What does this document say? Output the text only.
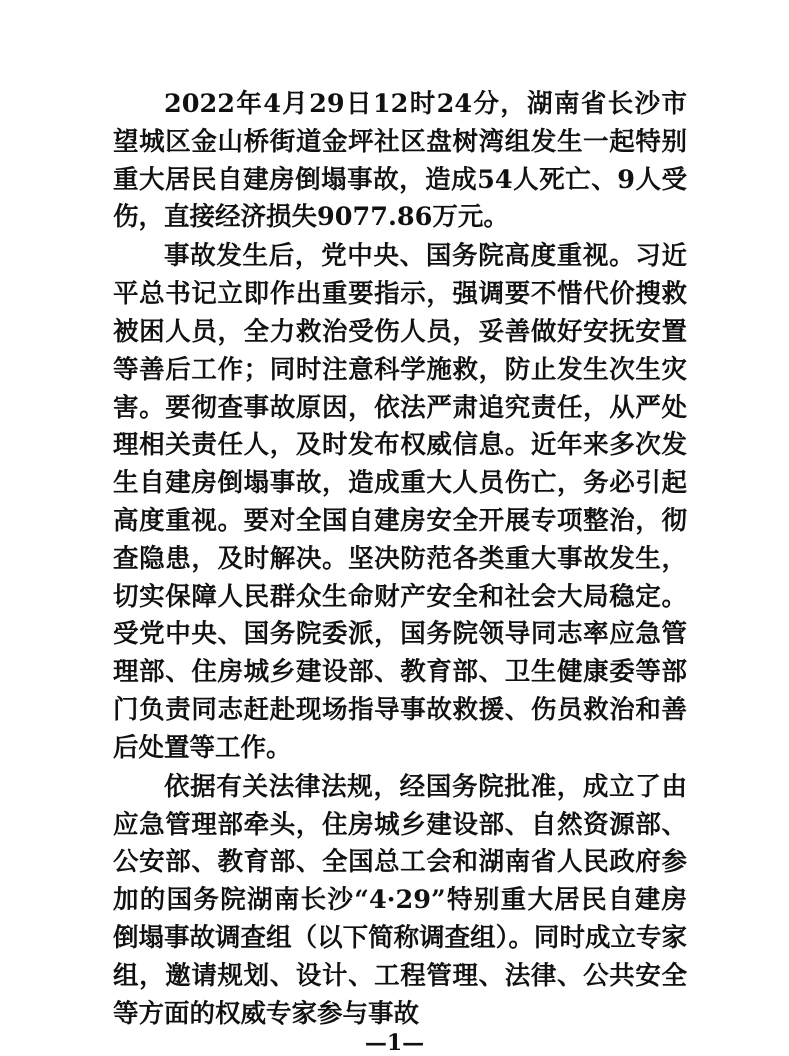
2022年4月29日12时24分，湖南省长沙市望城区金山桥街道金坪社区盘树湾组发生一起特别重大居民自建房倒塌事故，造成54人死亡、9人受伤，直接经济损失9077.86万元。

事故发生后，党中央、国务院高度重视。习近平总书记立即作出重要指示，强调要不惜代价搜救被困人员，全力救治受伤人员，妥善做好安抚安置等善后工作；同时注意科学施救，防止发生次生灾害。要彻查事故原因，依法严肃追究责任，从严处理相关责任人，及时发布权威信息。近年来多次发生自建房倒塌事故，造成重大人员伤亡，务必引起高度重视。要对全国自建房安全开展专项整治，彻查隐患，及时解决。坚决防范各类重大事故发生，切实保障人民群众生命财产安全和社会大局稳定。受党中央、国务院委派，国务院领导同志率应急管理部、住房城乡建设部、教育部、卫生健康委等部门负责同志赶赴现场指导事故救援、伤员救治和善后处置等工作。

依据有关法律法规，经国务院批准，成立了由应急管理部牵头，住房城乡建设部、自然资源部、公安部、教育部、全国总工会和湖南省人民政府参加的国务院湖南长沙“4·29”特别重大居民自建房倒塌事故调查组（以下简称调查组）。同时成立专家组，邀请规划、设计、工程管理、法律、公共安全等方面的权威专家参与事故

—1—
